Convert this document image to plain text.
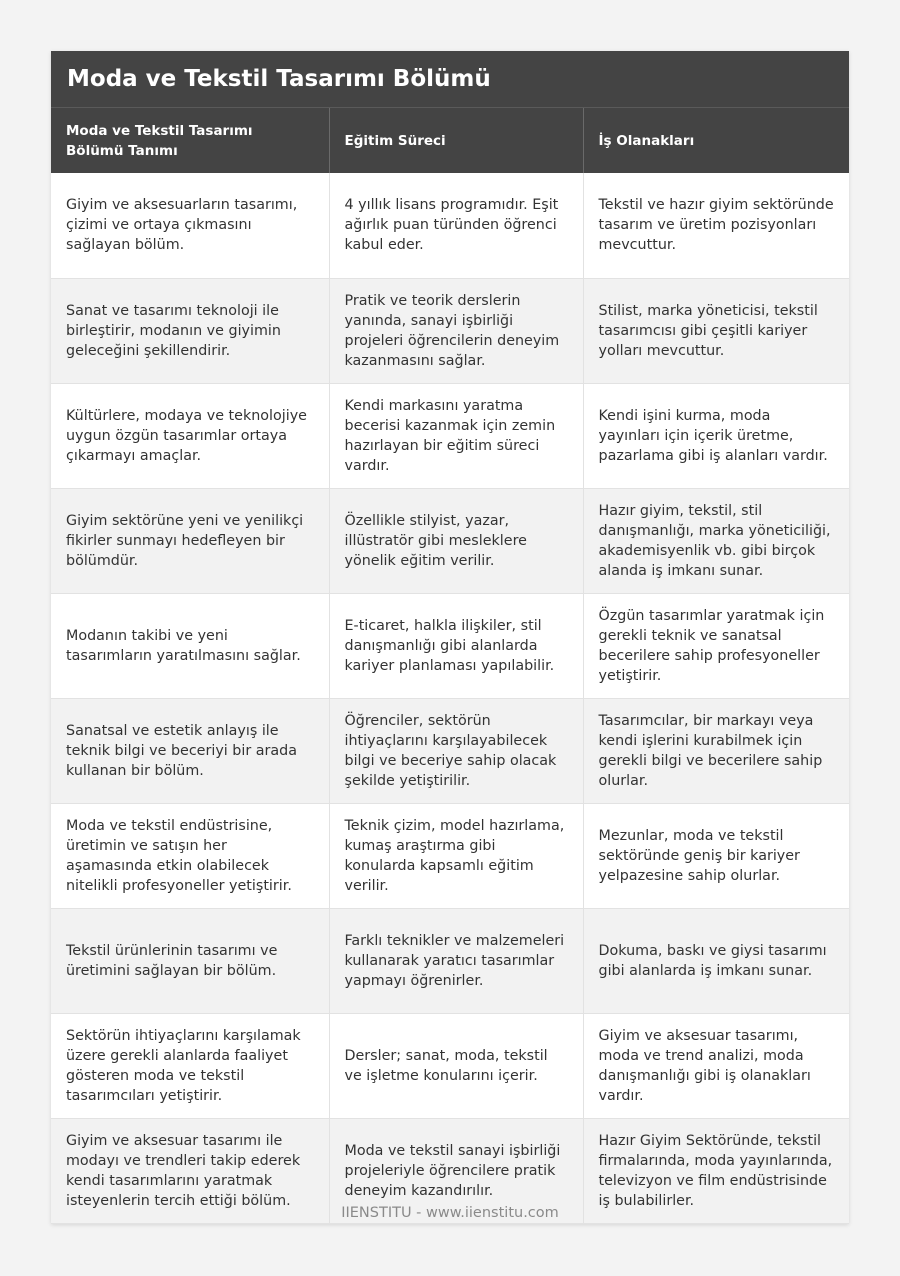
Moda ve Tekstil Tasarımı Bölümü
Moda ve Tekstil Tasarımı Bölümü Tanımı	Eğitim Süreci	İş Olanakları
Giyim ve aksesuarların tasarımı, çizimi ve ortaya çıkmasını sağlayan bölüm.	4 yıllık lisans programıdır. Eşit ağırlık puan türünden öğrenci kabul eder.	Tekstil ve hazır giyim sektöründe tasarım ve üretim pozisyonları mevcuttur.
Sanat ve tasarımı teknoloji ile birleştirir, modanın ve giyimin geleceğini şekillendirir.	Pratik ve teorik derslerin yanında, sanayi işbirliği projeleri öğrencilerin deneyim kazanmasını sağlar.	Stilist, marka yöneticisi, tekstil tasarımcısı gibi çeşitli kariyer yolları mevcuttur.
Kültürlere, modaya ve teknolojiye uygun özgün tasarımlar ortaya çıkarmayı amaçlar.	Kendi markasını yaratma becerisi kazanmak için zemin hazırlayan bir eğitim süreci vardır.	Kendi işini kurma, moda yayınları için içerik üretme, pazarlama gibi iş alanları vardır.
Giyim sektörüne yeni ve yenilikçi fikirler sunmayı hedefleyen bir bölümdür.	Özellikle stilyist, yazar, illüstratör gibi mesleklere yönelik eğitim verilir.	Hazır giyim, tekstil, stil danışmanlığı, marka yöneticiliği, akademisyenlik vb. gibi birçok alanda iş imkanı sunar.
Modanın takibi ve yeni tasarımların yaratılmasını sağlar.	E-ticaret, halkla ilişkiler, stil danışmanlığı gibi alanlarda kariyer planlaması yapılabilir.	Özgün tasarımlar yaratmak için gerekli teknik ve sanatsal becerilere sahip profesyoneller yetiştirir.
Sanatsal ve estetik anlayış ile teknik bilgi ve beceriyi bir arada kullanan bir bölüm.	Öğrenciler, sektörün ihtiyaçlarını karşılayabilecek bilgi ve beceriye sahip olacak şekilde yetiştirilir.	Tasarımcılar, bir markayı veya kendi işlerini kurabilmek için gerekli bilgi ve becerilere sahip olurlar.
Moda ve tekstil endüstrisine, üretimin ve satışın her aşamasında etkin olabilecek nitelikli profesyoneller yetiştirir.	Teknik çizim, model hazırlama, kumaş araştırma gibi konularda kapsamlı eğitim verilir.	Mezunlar, moda ve tekstil sektöründe geniş bir kariyer yelpazesine sahip olurlar.
Tekstil ürünlerinin tasarımı ve üretimini sağlayan bir bölüm.	Farklı teknikler ve malzemeleri kullanarak yaratıcı tasarımlar yapmayı öğrenirler.	Dokuma, baskı ve giysi tasarımı gibi alanlarda iş imkanı sunar.
Sektörün ihtiyaçlarını karşılamak üzere gerekli alanlarda faaliyet gösteren moda ve tekstil tasarımcıları yetiştirir.	Dersler; sanat, moda, tekstil ve işletme konularını içerir.	Giyim ve aksesuar tasarımı, moda ve trend analizi, moda danışmanlığı gibi iş olanakları vardır.
Giyim ve aksesuar tasarımı ile modayı ve trendleri takip ederek kendi tasarımlarını yaratmak isteyenlerin tercih ettiği bölüm.	Moda ve tekstil sanayi işbirliği projeleriyle öğrencilere pratik deneyim kazandırılır.	Hazır Giyim Sektöründe, tekstil firmalarında, moda yayınlarında, televizyon ve film endüstrisinde iş bulabilirler.
IIENSTITU - www.iienstitu.com
